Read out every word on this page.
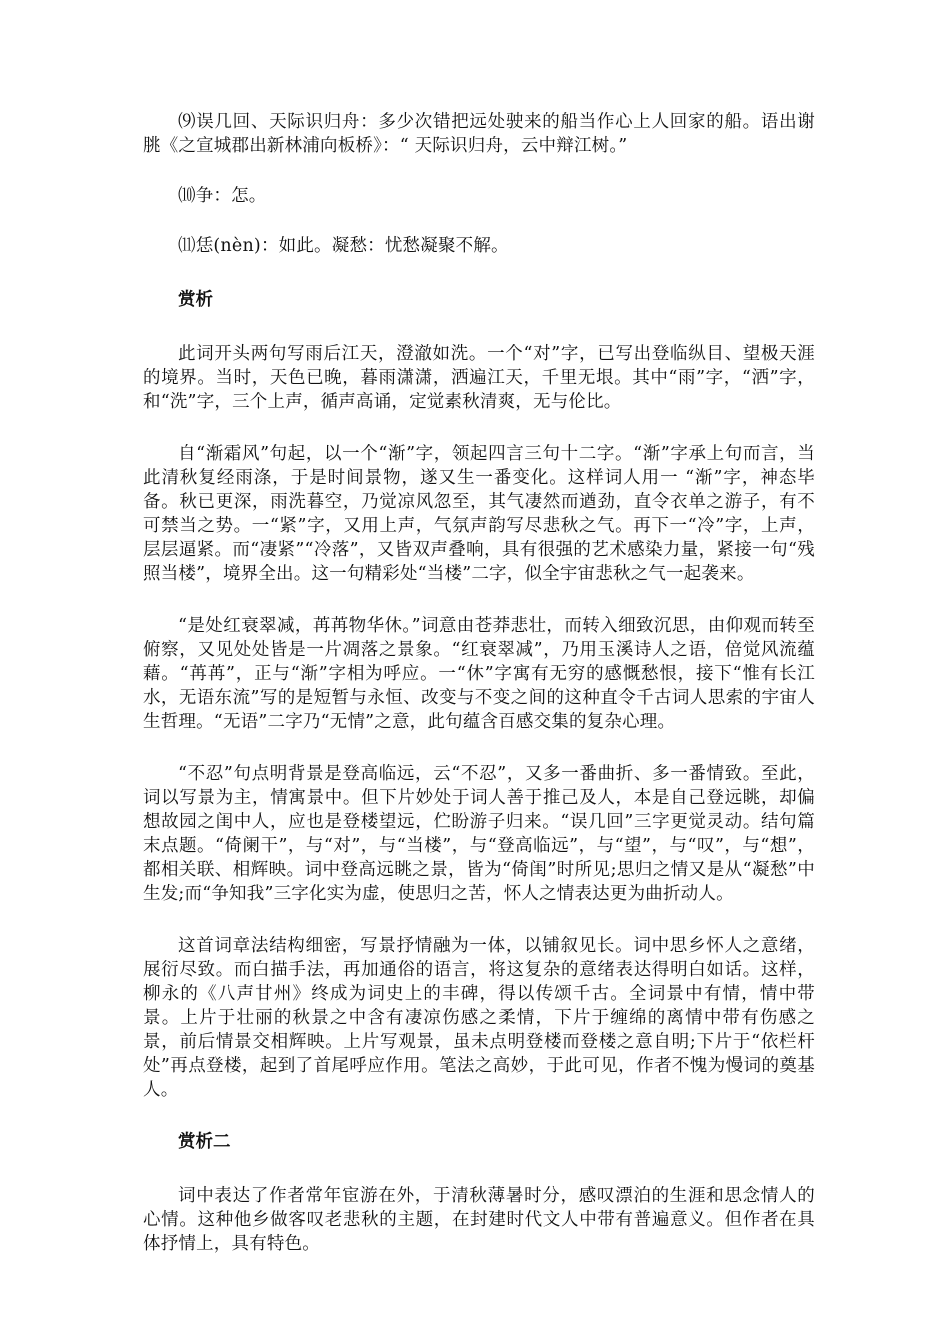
⑼误几回、天际识归舟：多少次错把远处驶来的船当作心上人回家的船。语出谢朓《之宣城郡出新林浦向板桥》：“ 天际识归舟，云中辩江树。”

⑽争：怎。

⑾恁(nèn)：如此。凝愁：忧愁凝聚不解。

赏析

此词开头两句写雨后江天，澄澈如洗。一个“对”字，已写出登临纵目、望极天涯的境界。当时，天色已晚，暮雨潇潇，洒遍江天，千里无垠。其中“雨”字，“洒”字，和“洗”字，三个上声，循声高诵，定觉素秋清爽，无与伦比。

自“渐霜风”句起，以一个“渐”字，领起四言三句十二字。“渐”字承上句而言，当此清秋复经雨涤，于是时间景物，遂又生一番变化。这样词人用一 “渐”字，神态毕备。秋已更深，雨洗暮空，乃觉凉风忽至，其气凄然而遒劲，直令衣单之游子，有不可禁当之势。一“紧”字，又用上声，气氛声韵写尽悲秋之气。再下一“冷”字，上声，层层逼紧。而“凄紧”“冷落”，又皆双声叠响，具有很强的艺术感染力量，紧接一句“残照当楼”，境界全出。这一句精彩处“当楼”二字，似全宇宙悲秋之气一起袭来。

“是处红衰翠减，苒苒物华休。”词意由苍莽悲壮，而转入细致沉思，由仰观而转至俯察，又见处处皆是一片凋落之景象。“红衰翠减”，乃用玉溪诗人之语，倍觉风流蕴藉。“苒苒”，正与“渐”字相为呼应。一“休”字寓有无穷的感慨愁恨，接下“惟有长江水，无语东流”写的是短暂与永恒、改变与不变之间的这种直令千古词人思索的宇宙人生哲理。“无语”二字乃“无情”之意，此句蕴含百感交集的复杂心理。

“不忍”句点明背景是登高临远，云“不忍”，又多一番曲折、多一番情致。至此，词以写景为主，情寓景中。但下片妙处于词人善于推己及人，本是自己登远眺，却偏想故园之闺中人，应也是登楼望远，伫盼游子归来。“误几回”三字更觉灵动。结句篇末点题。“倚阑干”，与“对”，与“当楼”，与“登高临远”，与“望”，与“叹”，与“想”，都相关联、相辉映。词中登高远眺之景，皆为“倚闺”时所见;思归之情又是从“凝愁”中生发;而“争知我”三字化实为虚，使思归之苦，怀人之情表达更为曲折动人。

这首词章法结构细密，写景抒情融为一体，以铺叙见长。词中思乡怀人之意绪，展衍尽致。而白描手法，再加通俗的语言，将这复杂的意绪表达得明白如话。这样，柳永的《八声甘州》终成为词史上的丰碑，得以传颂千古。全词景中有情，情中带景。上片于壮丽的秋景之中含有凄凉伤感之柔情，下片于缠绵的离情中带有伤感之景，前后情景交相辉映。上片写观景，虽未点明登楼而登楼之意自明;下片于“依栏杆处”再点登楼，起到了首尾呼应作用。笔法之高妙，于此可见，作者不愧为慢词的奠基人。

赏析二

词中表达了作者常年宦游在外，于清秋薄暑时分，感叹漂泊的生涯和思念情人的心情。这种他乡做客叹老悲秋的主题，在封建时代文人中带有普遍意义。但作者在具体抒情上，具有特色。
